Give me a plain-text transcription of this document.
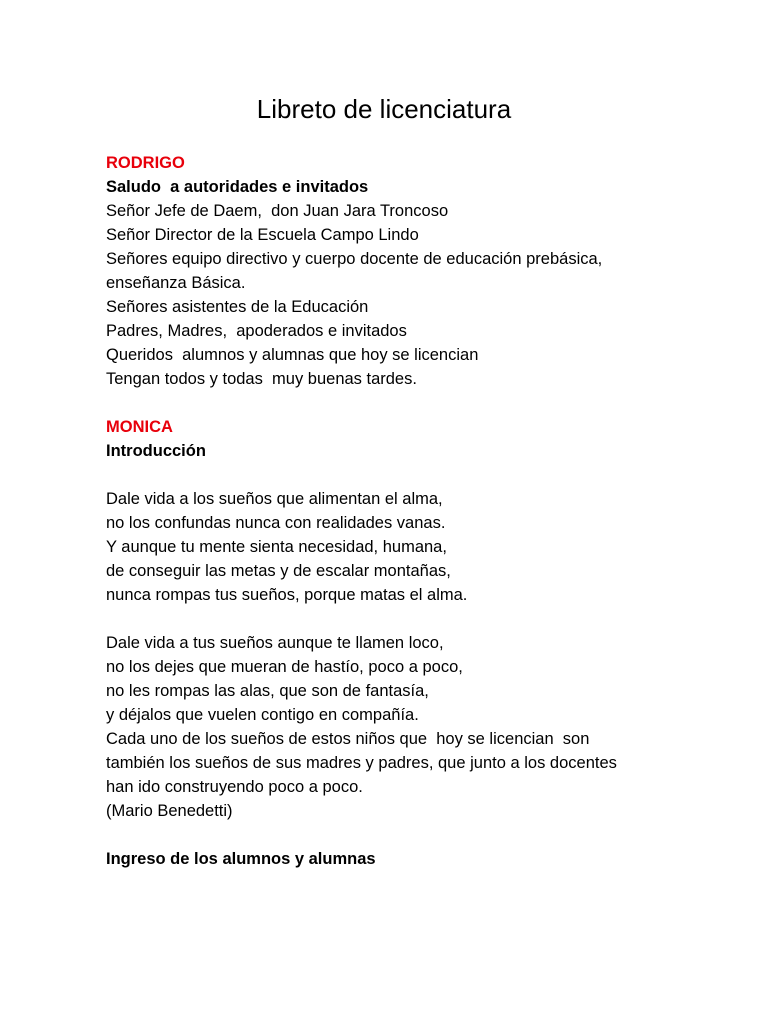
Libreto de licenciatura
RODRIGO
Saludo  a autoridades e invitados
Señor Jefe de Daem,  don Juan Jara Troncoso
Señor Director de la Escuela Campo Lindo
Señores equipo directivo y cuerpo docente de educación prebásica,
enseñanza Básica.
Señores asistentes de la Educación
Padres, Madres,  apoderados e invitados
Queridos  alumnos y alumnas que hoy se licencian
Tengan todos y todas  muy buenas tardes.
MONICA
Introducción
Dale vida a los sueños que alimentan el alma,
no los confundas nunca con realidades vanas.
Y aunque tu mente sienta necesidad, humana,
de conseguir las metas y de escalar montañas,
nunca rompas tus sueños, porque matas el alma.
Dale vida a tus sueños aunque te llamen loco,
no los dejes que mueran de hastío, poco a poco,
no les rompas las alas, que son de fantasía,
y déjalos que vuelen contigo en compañía.
Cada uno de los sueños de estos niños que  hoy se licencian  son
también los sueños de sus madres y padres, que junto a los docentes
han ido construyendo poco a poco.
(Mario Benedetti)
Ingreso de los alumnos y alumnas
